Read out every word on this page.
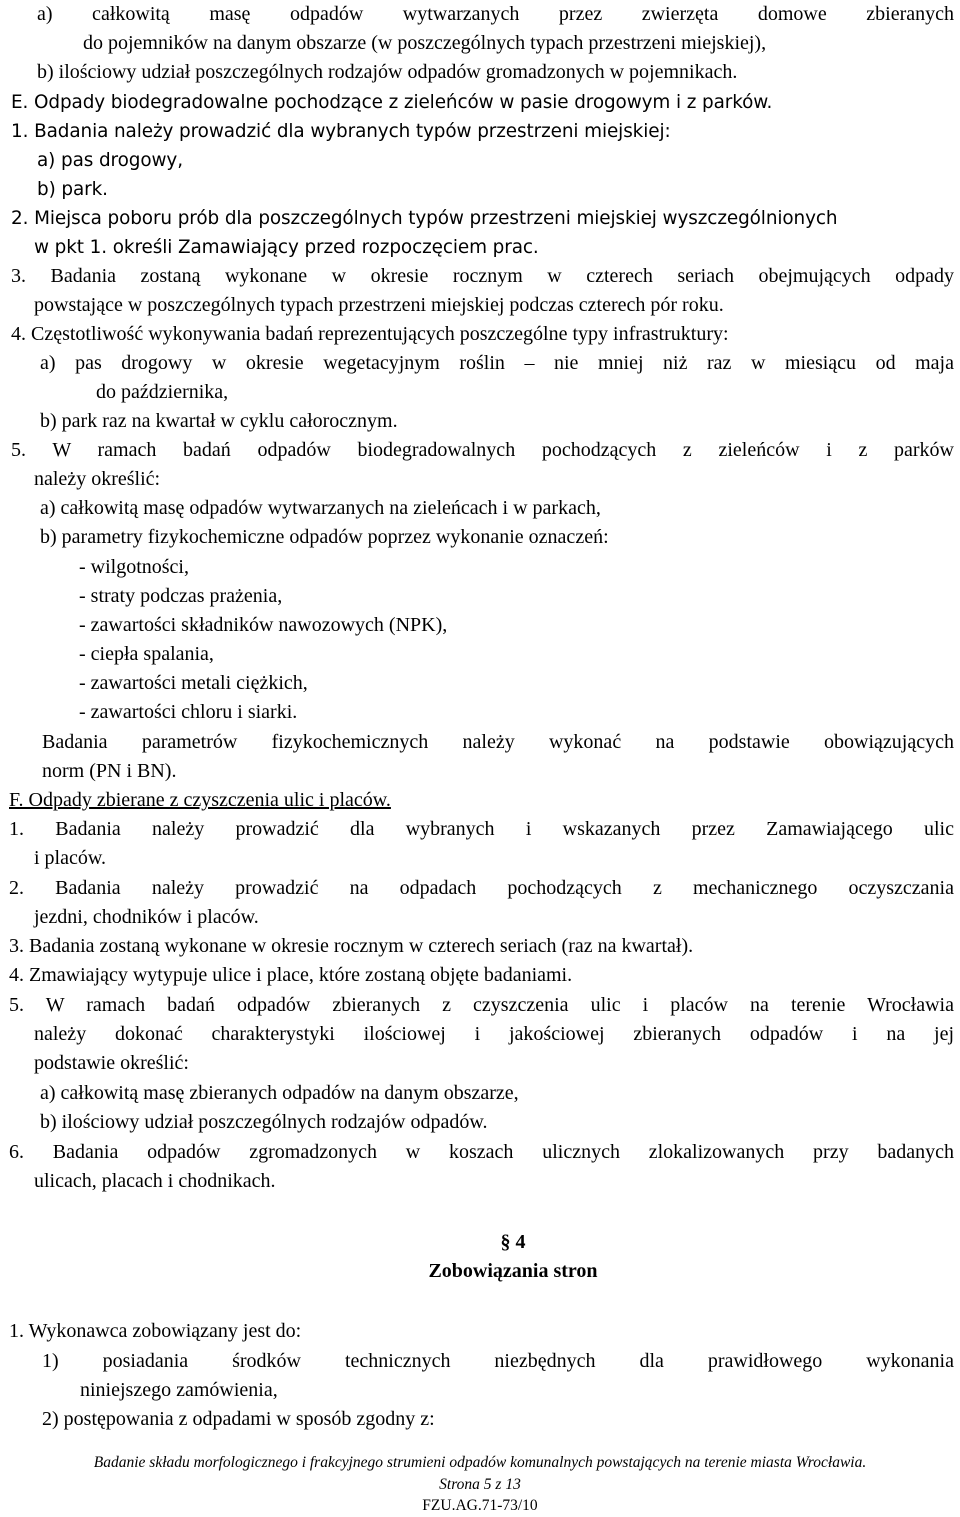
a) całkowitą masę odpadów wytwarzanych przez zwierzęta domowe zbieranych
do pojemników na danym obszarze (w poszczególnych typach przestrzeni miejskiej),
b) ilościowy udział poszczególnych rodzajów odpadów gromadzonych w pojemnikach.
E. Odpady biodegradowalne pochodzące z zieleńców w pasie drogowym i z parków.
1. Badania należy prowadzić dla wybranych typów przestrzeni miejskiej:
a) pas drogowy,
b) park.
2. Miejsca poboru prób dla poszczególnych typów przestrzeni miejskiej wyszczególnionych
w pkt 1. określi Zamawiający przed rozpoczęciem prac.
3. Badania zostaną wykonane w okresie rocznym w czterech seriach obejmujących odpady
powstające w poszczególnych typach przestrzeni miejskiej podczas czterech pór roku.
4. Częstotliwość wykonywania badań reprezentujących poszczególne typy infrastruktury:
a) pas drogowy w okresie wegetacyjnym roślin – nie mniej niż raz w miesiącu od maja
do października,
b) park raz na kwartał w cyklu całorocznym.
5. W ramach badań odpadów biodegradowalnych pochodzących z zieleńców i z parków
należy określić:
a) całkowitą masę odpadów wytwarzanych na zieleńcach i w parkach,
b) parametry fizykochemiczne odpadów poprzez wykonanie oznaczeń:
- wilgotności,
- straty podczas prażenia,
- zawartości składników nawozowych (NPK),
- ciepła spalania,
- zawartości metali ciężkich,
- zawartości chloru i siarki.
Badania parametrów fizykochemicznych należy wykonać na podstawie obowiązujących
norm (PN i BN).
F. Odpady zbierane z czyszczenia ulic i placów.
1. Badania należy prowadzić dla wybranych i wskazanych przez Zamawiającego ulic
i placów.
2. Badania należy prowadzić na odpadach pochodzących z mechanicznego oczyszczania
jezdni, chodników i placów.
3. Badania zostaną wykonane w okresie rocznym w czterech seriach (raz na kwartał).
4. Zmawiający wytypuje ulice i place, które zostaną objęte badaniami.
5. W ramach badań odpadów zbieranych z czyszczenia ulic i placów na terenie Wrocławia
należy dokonać charakterystyki ilościowej i jakościowej zbieranych odpadów i na jej
podstawie określić:
a) całkowitą masę zbieranych odpadów na danym obszarze,
b) ilościowy udział poszczególnych rodzajów odpadów.
6. Badania odpadów zgromadzonych w koszach ulicznych zlokalizowanych przy badanych
ulicach, placach i chodnikach.
§ 4
Zobowiązania stron
1. Wykonawca zobowiązany jest do:
1) posiadania środków technicznych niezbędnych dla prawidłowego wykonania
niniejszego zamówienia,
2) postępowania z odpadami w sposób zgodny z:
Badanie składu morfologicznego i frakcyjnego strumieni odpadów komunalnych powstających na terenie miasta Wrocławia.
Strona 5 z 13
FZU.AG.71-73/10
